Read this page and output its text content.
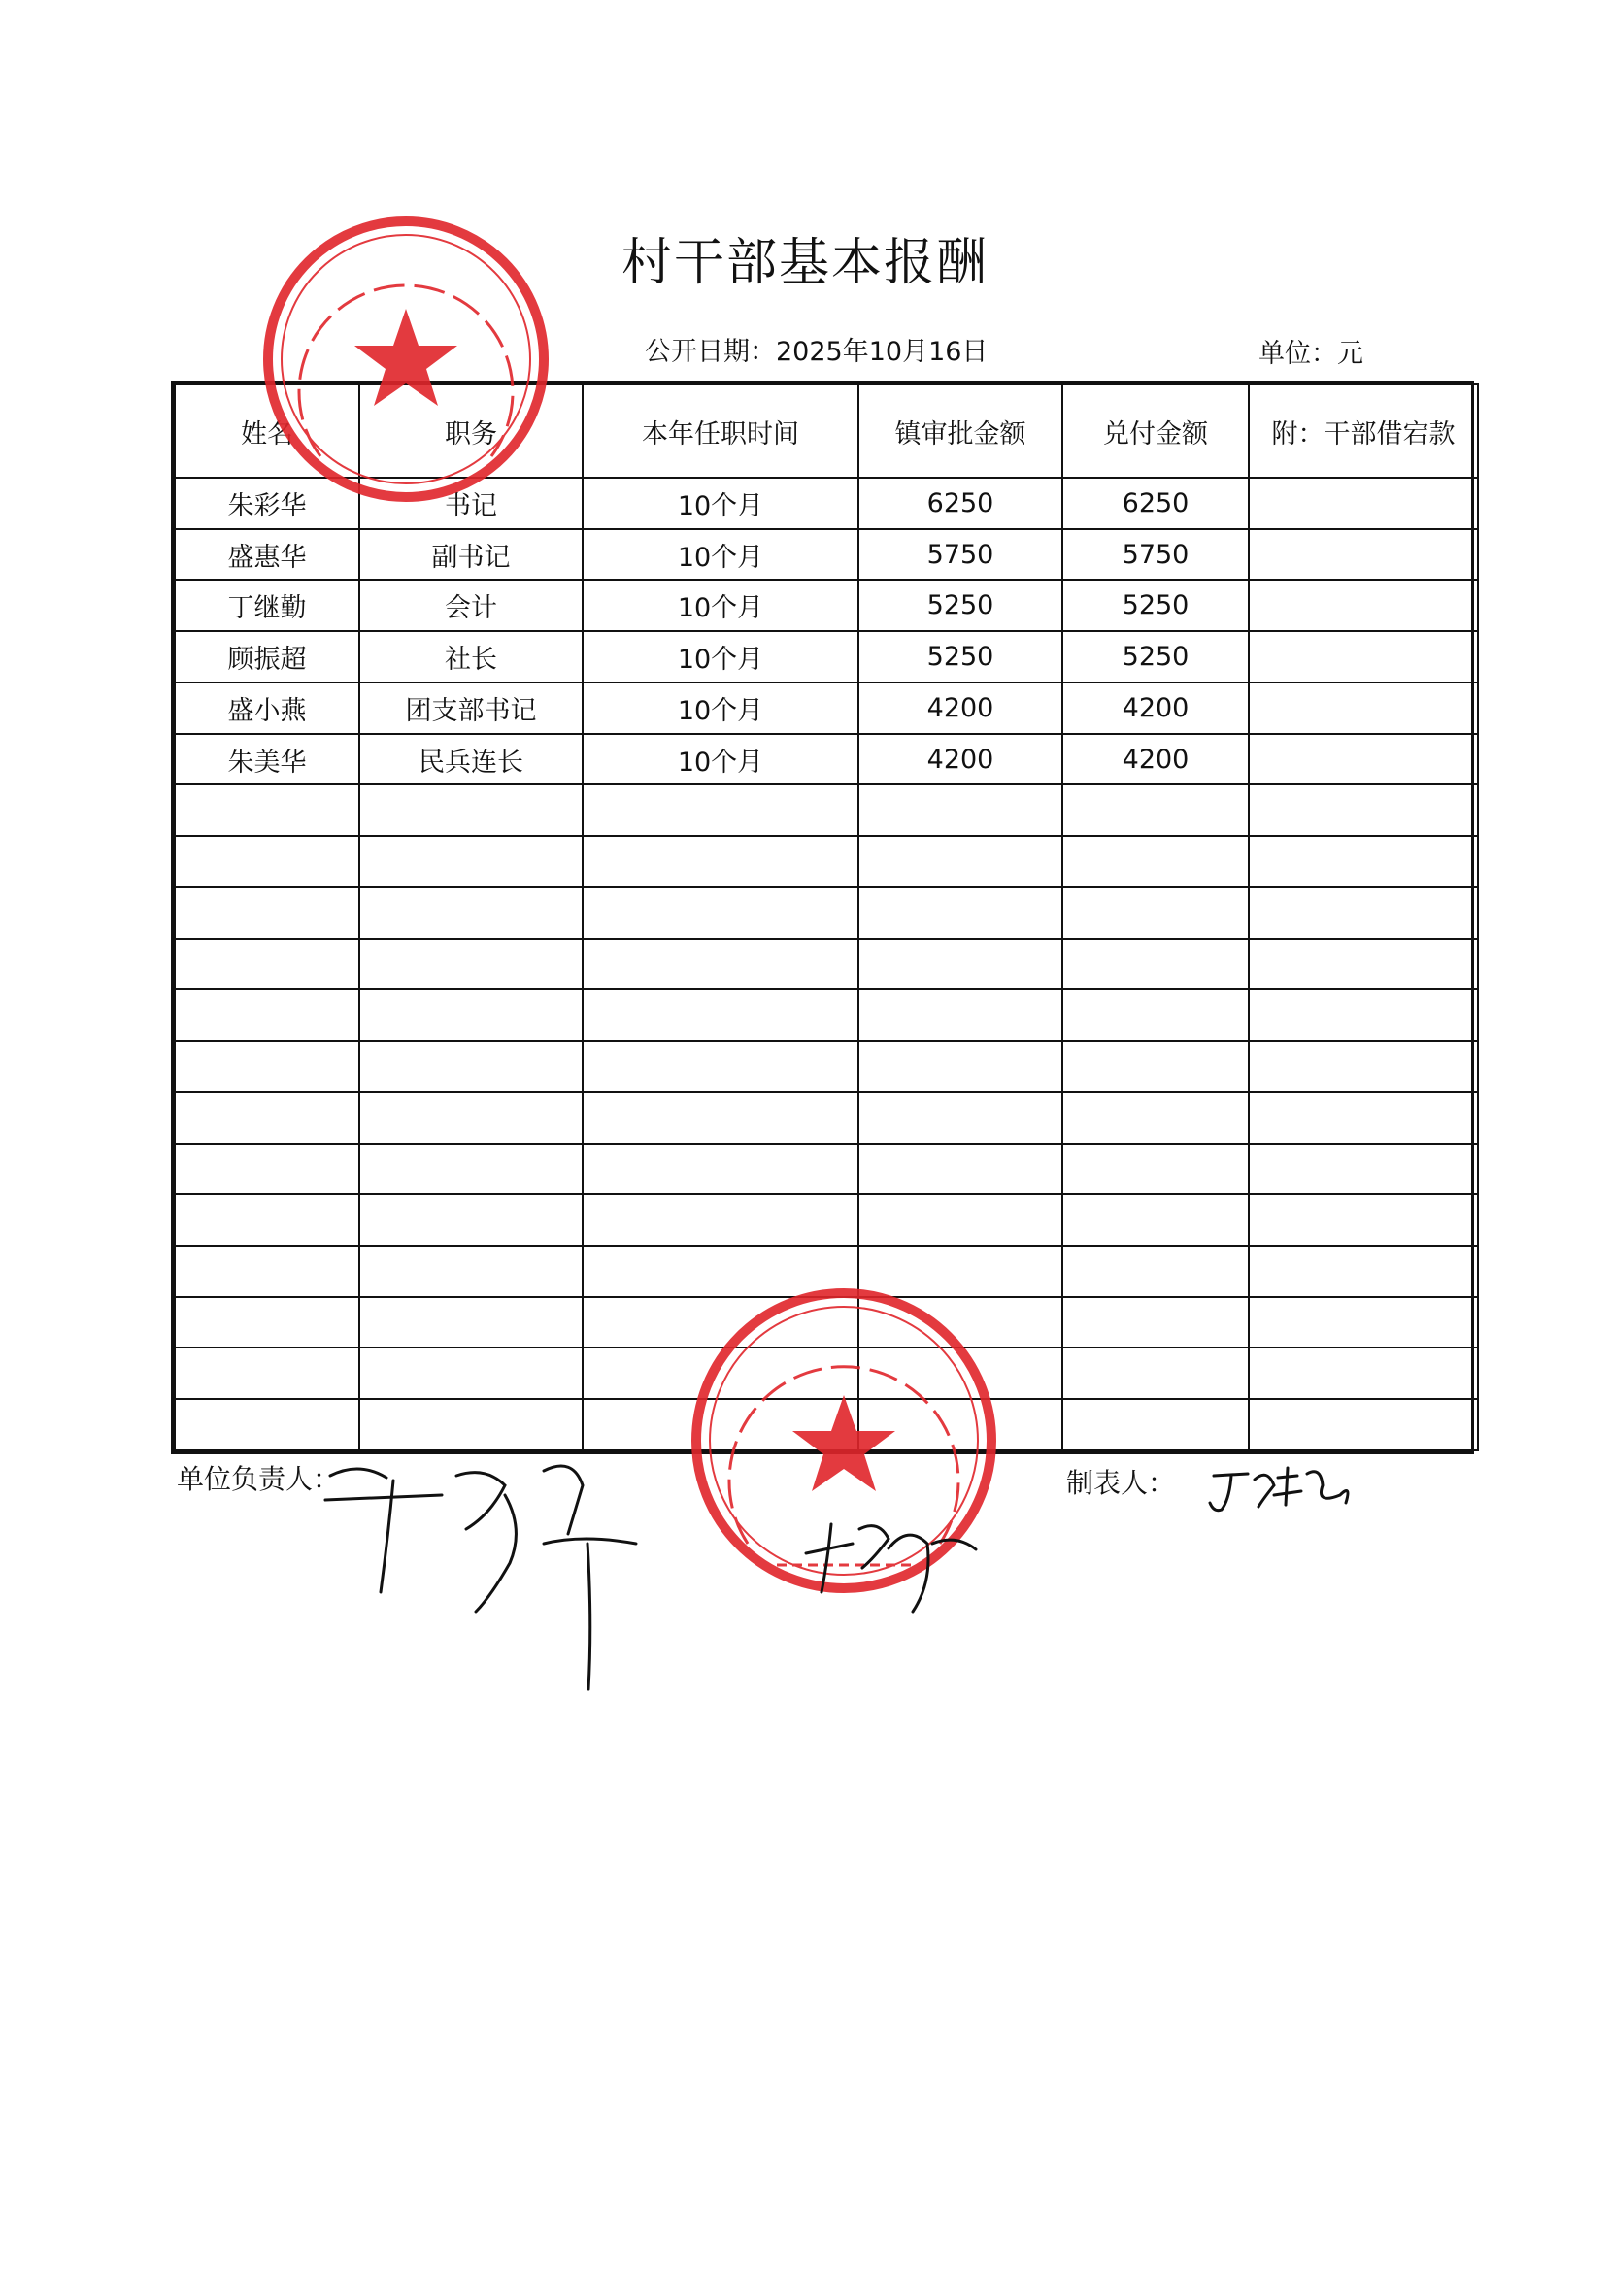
村干部基本报酬
公开日期：2025年10月16日	单位：元
姓名	职务	本年任职时间	镇审批金额	兑付金额	附：干部借宕款
朱彩华	书记	10个月	6250	6250	
盛惠华	副书记	10个月	5750	5750	
丁继勤	会计	10个月	5250	5250	
顾振超	社长	10个月	5250	5250	
盛小燕	团支部书记	10个月	4200	4200	
朱美华	民兵连长	10个月	4200	4200	

单位负责人：	制表人：
